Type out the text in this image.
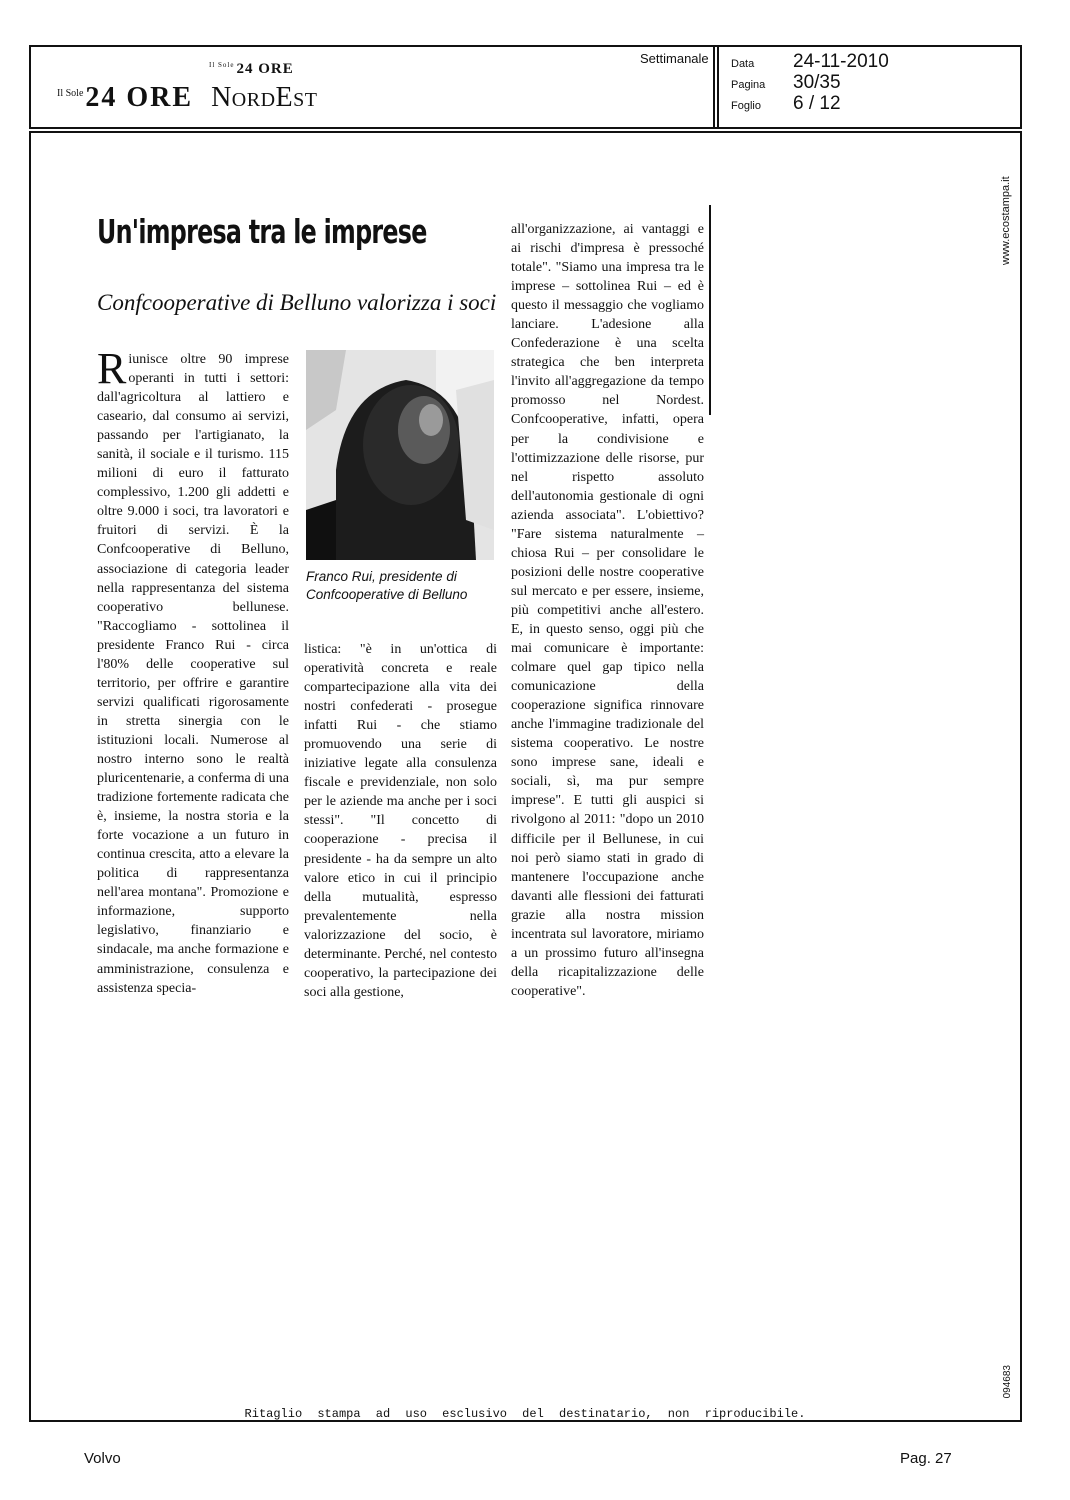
$^{Il Sole}$ 24 ORE
Il Sole 24 ORE NordEst
Settimanale Data	24-11-2010
Pagina	30/35
Foglio	6 / 12
www.ecostampa.it
094683
Un'impresa tra le imprese
Confcooperative di Belluno valorizza i soci
Riunisce oltre 90 imprese operanti in tutti i settori: dall'agricoltura al lattiero e caseario, dal consumo ai servizi, passando per l'artigianato, la sanità, il sociale e il turismo. 115 milioni di euro il fatturato complessivo, 1.200 gli addetti e oltre 9.000 i soci, tra lavoratori e fruitori di servizi. È la Confcooperative di Belluno, associazione di categoria leader nella rappresentanza del sistema cooperativo bellunese. "Raccogliamo - sottolinea il presidente Franco Rui - circa l'80% delle cooperative sul territorio, per offrire e garantire servizi qualificati rigorosamente in stretta sinergia con le istituzioni locali. Numerose al nostro interno sono le realtà pluricentenarie, a conferma di una tradizione fortemente radicata che è, insieme, la nostra storia e la forte vocazione a un futuro in continua crescita, atto a elevare la politica di rappresentanza nell'area montana". Promozione e informazione, supporto legislativo, finanziario e sindacale, ma anche formazione e amministrazione, consulenza e assistenza specia-
Franco Rui, presidente di
Confcooperative di Belluno
listica: "è in un'ottica di operatività concreta e reale compartecipazione alla vita dei nostri confederati - prosegue infatti Rui - che stiamo promuovendo una serie di iniziative legate alla consulenza fiscale e previdenziale, non solo per le aziende ma anche per i soci stessi". "Il concetto di cooperazione - precisa il presidente - ha da sempre un alto valore etico in cui il principio della mutualità, espresso prevalentemente nella valorizzazione del socio, è determinante. Perché, nel contesto cooperativo, la partecipazione dei soci alla gestione,
all'organizzazione, ai vantaggi e ai rischi d'impresa è pressoché totale". "Siamo una impresa tra le imprese – sottolinea Rui – ed è questo il messaggio che vogliamo lanciare. L'adesione alla Confederazione è una scelta strategica che ben interpreta l'invito all'aggregazione da tempo promosso nel Nordest. Confcooperative, infatti, opera per la condivisione e l'ottimizzazione delle risorse, pur nel rispetto assoluto dell'autonomia gestionale di ogni azienda associata". L'obiettivo? "Fare sistema naturalmente – chiosa Rui – per consolidare le posizioni delle nostre cooperative sul mercato e per essere, insieme, più competitivi anche all'estero. E, in questo senso, oggi più che mai comunicare è importante: colmare quel gap tipico nella comunicazione della cooperazione significa rinnovare anche l'immagine tradizionale del sistema cooperativo. Le nostre sono imprese sane, ideali e sociali, sì, ma pur sempre imprese". E tutti gli auspici si rivolgono al 2011: "dopo un 2010 difficile per il Bellunese, in cui noi però siamo stati in grado di mantenere l'occupazione anche davanti alle flessioni dei fatturati grazie alla nostra mission incentrata sul lavoratore, miriamo a un prossimo futuro all'insegna della ricapitalizzazione delle cooperative".
Ritaglio stampa ad uso esclusivo del destinatario, non riproducibile.
Volvo	Pag. 27
